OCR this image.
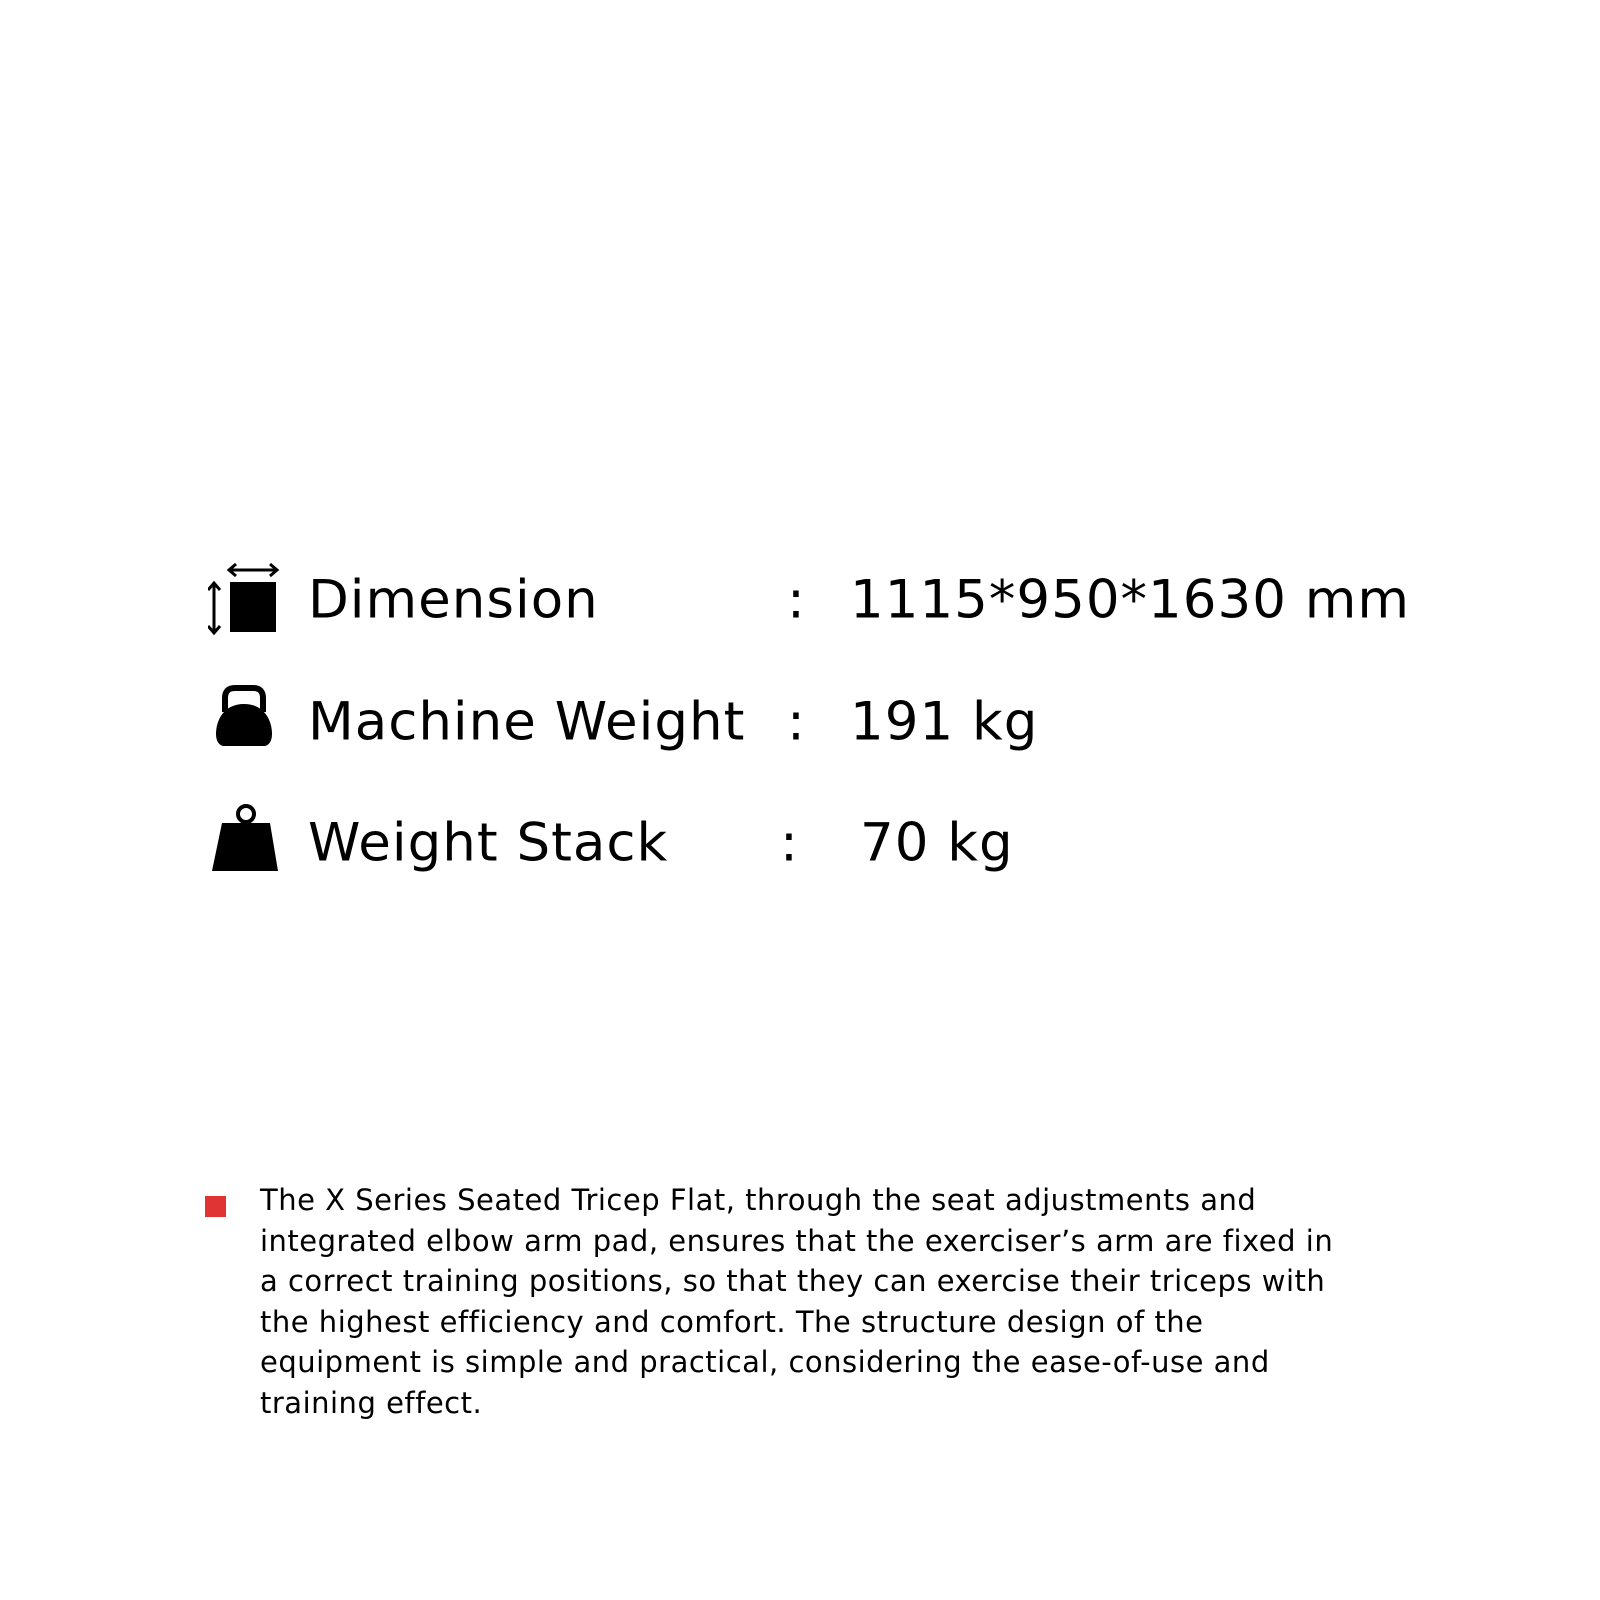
Dimension	: 1115*950*1630 mm
Machine Weight : 191 kg
Weight Stack : 70 kg

The X Series Seated Tricep Flat, through the seat adjustments and integrated elbow arm pad, ensures that the exerciser’s arm are fixed in a correct training positions, so that they can exercise their triceps with the highest efficiency and comfort. The structure design of the equipment is simple and practical, considering the ease-of-use and training effect.
